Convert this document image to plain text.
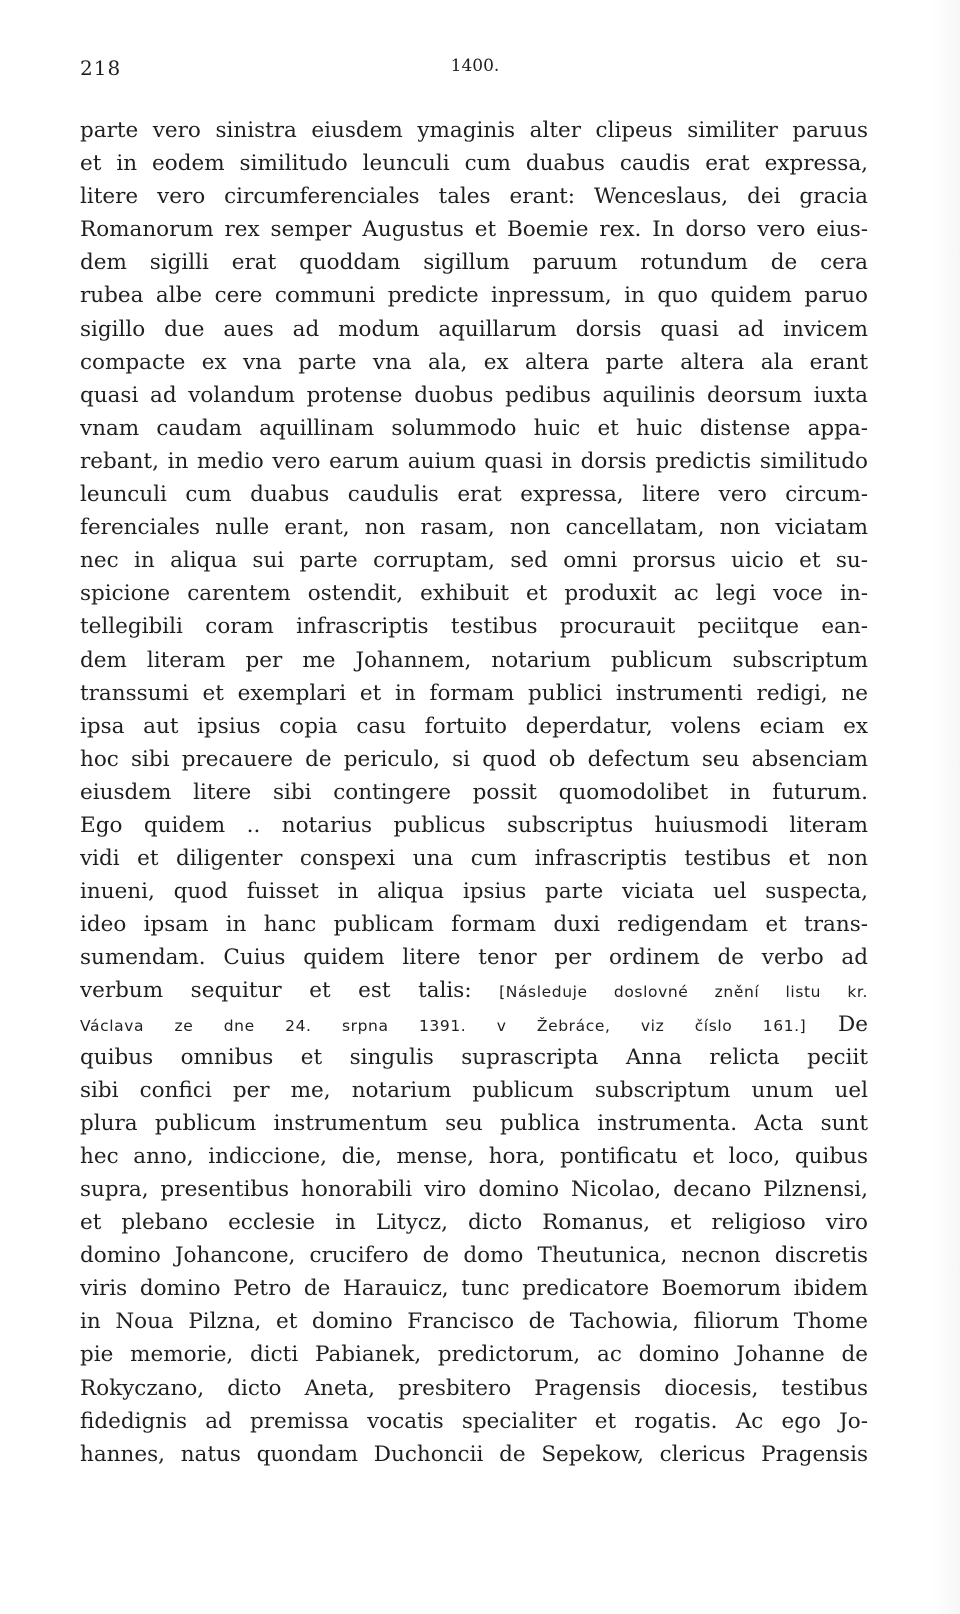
218	1400.
parte vero sinistra eiusdem ymaginis alter clipeus similiter paruus
et in eodem similitudo leunculi cum duabus caudis erat expressa,
litere vero circumferenciales tales erant: Wenceslaus, dei gracia
Romanorum rex semper Augustus et Boemie rex. In dorso vero eius-
dem sigilli erat quoddam sigillum paruum rotundum de cera
rubea albe cere communi predicte inpressum, in quo quidem paruo
sigillo due aues ad modum aquillarum dorsis quasi ad invicem
compacte ex vna parte vna ala, ex altera parte altera ala erant
quasi ad volandum protense duobus pedibus aquilinis deorsum iuxta
vnam caudam aquillinam solummodo huic et huic distense appa-
rebant, in medio vero earum auium quasi in dorsis predictis similitudo
leunculi cum duabus caudulis erat expressa, litere vero circum-
ferenciales nulle erant, non rasam, non cancellatam, non viciatam
nec in aliqua sui parte corruptam, sed omni prorsus uicio et su-
spicione carentem ostendit, exhibuit et produxit ac legi voce in-
tellegibili coram infrascriptis testibus procurauit peciitque ean-
dem literam per me Johannem, notarium publicum subscriptum
transsumi et exemplari et in formam publici instrumenti redigi, ne
ipsa aut ipsius copia casu fortuito deperdatur, volens eciam ex
hoc sibi precauere de periculo, si quod ob defectum seu absenciam
eiusdem litere sibi contingere possit quomodolibet in futurum.
Ego quidem .. notarius publicus subscriptus huiusmodi literam
vidi et diligenter conspexi una cum infrascriptis testibus et non
inueni, quod fuisset in aliqua ipsius parte viciata uel suspecta,
ideo ipsam in hanc publicam formam duxi redigendam et trans-
sumendam. Cuius quidem litere tenor per ordinem de verbo ad
verbum sequitur et est talis: [Následuje doslovné znění listu kr.
Václava ze dne 24. srpna 1391. v Žebráce, viz číslo 161.] De
quibus omnibus et singulis suprascripta Anna relicta peciit
sibi confici per me, notarium publicum subscriptum unum uel
plura publicum instrumentum seu publica instrumenta. Acta sunt
hec anno, indiccione, die, mense, hora, pontificatu et loco, quibus
supra, presentibus honorabili viro domino Nicolao, decano Pilznensi,
et plebano ecclesie in Litycz, dicto Romanus, et religioso viro
domino Johancone, crucifero de domo Theutunica, necnon discretis
viris domino Petro de Harauicz, tunc predicatore Boemorum ibidem
in Noua Pilzna, et domino Francisco de Tachowia, filiorum Thome
pie memorie, dicti Pabianek, predictorum, ac domino Johanne de
Rokyczano, dicto Aneta, presbitero Pragensis diocesis, testibus
fidedignis ad premissa vocatis specialiter et rogatis. Ac ego Jo-
hannes, natus quondam Duchoncii de Sepekow, clericus Pragensis
